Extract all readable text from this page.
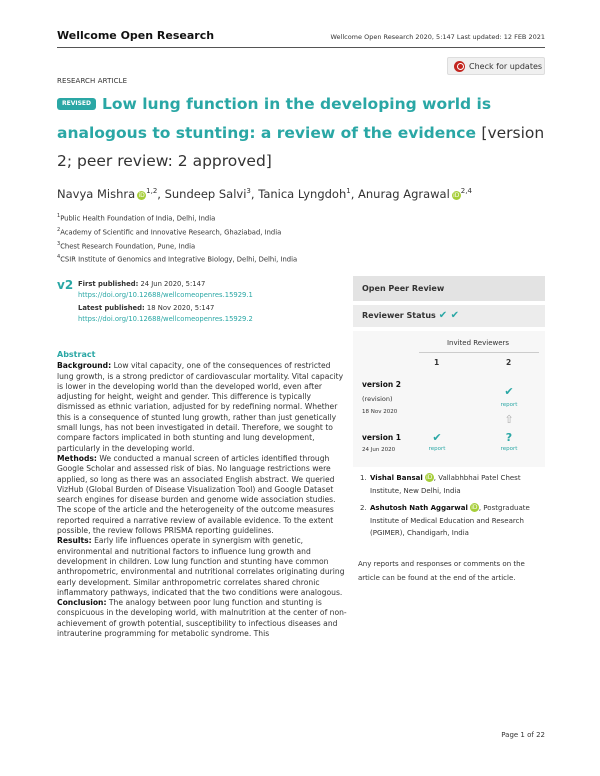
Wellcome Open Research	Wellcome Open Research 2020, 5:147 Last updated: 12 FEB 2021
Check for updates
RESEARCH ARTICLE
REVISED Low lung function in the developing world is analogous to stunting: a review of the evidence [version 2; peer review: 2 approved]
Navya Mishra iD$^{1,2}$, Sundeep Salvi$^3$, Tanica Lyngdoh$^1$, Anurag Agrawal iD$^{2,4}$
$^1$Public Health Foundation of India, Delhi, India
$^2$Academy of Scientific and Innovative Research, Ghaziabad, India
$^3$Chest Research Foundation, Pune, India
$^4$CSIR Institute of Genomics and Integrative Biology, Delhi, Delhi, India
v2 First published: 24 Jun 2020, 5:147
https://doi.org/10.12688/wellcomeopenres.15929.1
Latest published: 18 Nov 2020, 5:147
https://doi.org/10.12688/wellcomeopenres.15929.2
Abstract

Background: Low vital capacity, one of the consequences of restricted lung growth, is a strong predictor of cardiovascular mortality. Vital capacity is lower in the developing world than the developed world, even after adjusting for height, weight and gender. This difference is typically dismissed as ethnic variation, adjusted for by redefining normal. Whether this is a consequence of stunted lung growth, rather than just genetically small lungs, has not been investigated in detail. Therefore, we sought to compare factors implicated in both stunting and lung development, particularly in the developing world.

Methods: We conducted a manual screen of articles identified through Google Scholar and assessed risk of bias. No language restrictions were applied, so long as there was an associated English abstract. We queried VizHub (Global Burden of Disease Visualization Tool) and Google Dataset search engines for disease burden and genome wide association studies. The scope of the article and the heterogeneity of the outcome measures reported required a narrative review of available evidence. To the extent possible, the review follows PRISMA reporting guidelines.

Results: Early life influences operate in synergism with genetic, environmental and nutritional factors to influence lung growth and development in children. Low lung function and stunting have common anthropometric, environmental and nutritional correlates originating during early development. Similar anthropometric correlates shared chronic inflammatory pathways, indicated that the two conditions were analogous.

Conclusion: The analogy between poor lung function and stunting is conspicuous in the developing world, with malnutrition at the center of non-achievement of growth potential, susceptibility to infectious diseases and intrauterine programming for metabolic syndrome. This

Open Peer Review
Reviewer Status ✔ ✔
Invited Reviewers
1	2
version 2
(revision)
18 Nov 2020
✔
report
⇧
version 1
24 Jun 2020
✔
report
?
report
1. Vishal Bansal iD, Vallabhbhai Patel Chest Institute, New Delhi, India
2. Ashutosh Nath Aggarwal iD, Postgraduate Institute of Medical Education and Research (PGIMER), Chandigarh, India
Any reports and responses or comments on the article can be found at the end of the article.
Page 1 of 22
